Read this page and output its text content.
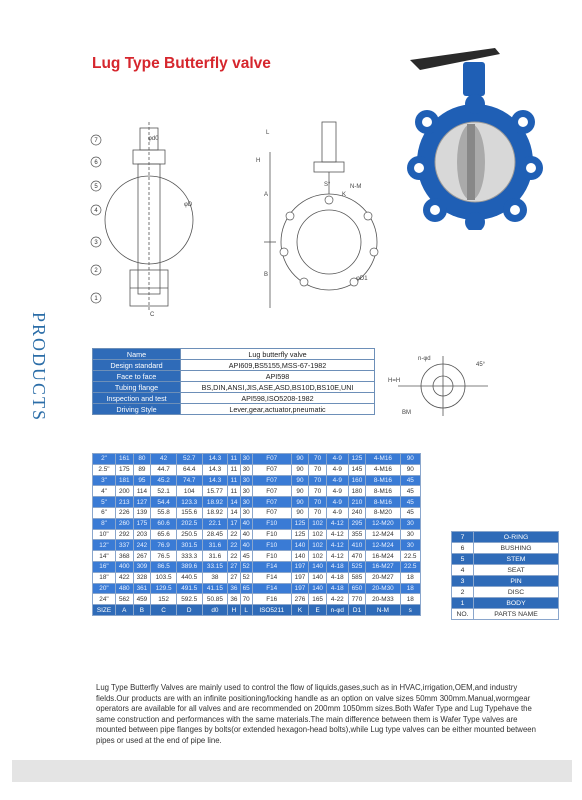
Lug Type Butterfly valve
PRODUCTS
φd0
φD
C
7
6
5
4
3
2
1
L
H
A
B
S°
K
N-M
φD1
n-φd
H=H
45°
BM
Name	Lug butterfly valve
Design standard	API609,BS5155,MSS-67-1982
Face to face	API598
Tubing flange	BS,DIN,ANSI,JIS,ASE,ASD,BS10D,BS10E,UNI
Inspection and test	API598,ISO5208-1982
Driving Style	Lever,gear,actuator,pneumatic
2"	161	80	42	52.7	14.3	11	30	F07	90	70	4-9	125	4-M16	90
2.5"	175	89	44.7	64.4	14.3	11	30	F07	90	70	4-9	145	4-M16	90
3"	181	95	45.2	74.7	14.3	11	30	F07	90	70	4-9	160	8-M16	45
4"	200	114	52.1	104	15.77	11	30	F07	90	70	4-9	180	8-M16	45
5"	213	127	54.4	123.3	18.92	14	30	F07	90	70	4-9	210	8-M16	45
6"	226	139	55.8	155.6	18.92	14	30	F07	90	70	4-9	240	8-M20	45
8"	260	175	60.6	202.5	22.1	17	40	F10	125	102	4-12	295	12-M20	30
10"	292	203	65.6	250.5	28.45	22	40	F10	125	102	4-12	355	12-M24	30
12"	337	242	76.9	301.5	31.6	22	40	F10	140	102	4-12	410	12-M24	30
14"	368	267	76.5	333.3	31.6	22	45	F10	140	102	4-12	470	16-M24	22.5
16"	400	309	86.5	389.6	33.15	27	52	F14	197	140	4-18	525	16-M27	22.5
18"	422	328	103.5	440.5	38	27	52	F14	197	140	4-18	585	20-M27	18
20"	480	361	129.5	491.5	41.15	36	65	F14	197	140	4-18	650	20-M30	18
24"	562	459	152	592.5	50.85	36	70	F16	276	165	4-22	770	20-M33	18
SIZE	A	B	C	D	d0	H	L	ISO5211	K	E	n-φd	D1	N-M	s
7	O-RING
6	BUSHING
5	STEM
4	SEAT
3	PIN
2	DISC
1	BODY
NO.	PARTS NAME
Lug Type Butterfly Valves are mainly used to control the flow of liquids,gases,such as in HVAC,irrigation,OEM,and industry fields.Our products are with an infinite positioning/locking handle as an option on valve sizes 50mm 300mm.Manual,wormgear operators are available for all valves and are recommended on 200mm 1050mm sizes.Both Wafer Type and Lug Typehave the same construction and performances with the same materials.The main difference between them is Wafer Type valves are mounted between pipe flanges by bolts(or extended hexagon-head bolts),while Lug type valves can be either mounted between pipes or used at the end of pipe line.
